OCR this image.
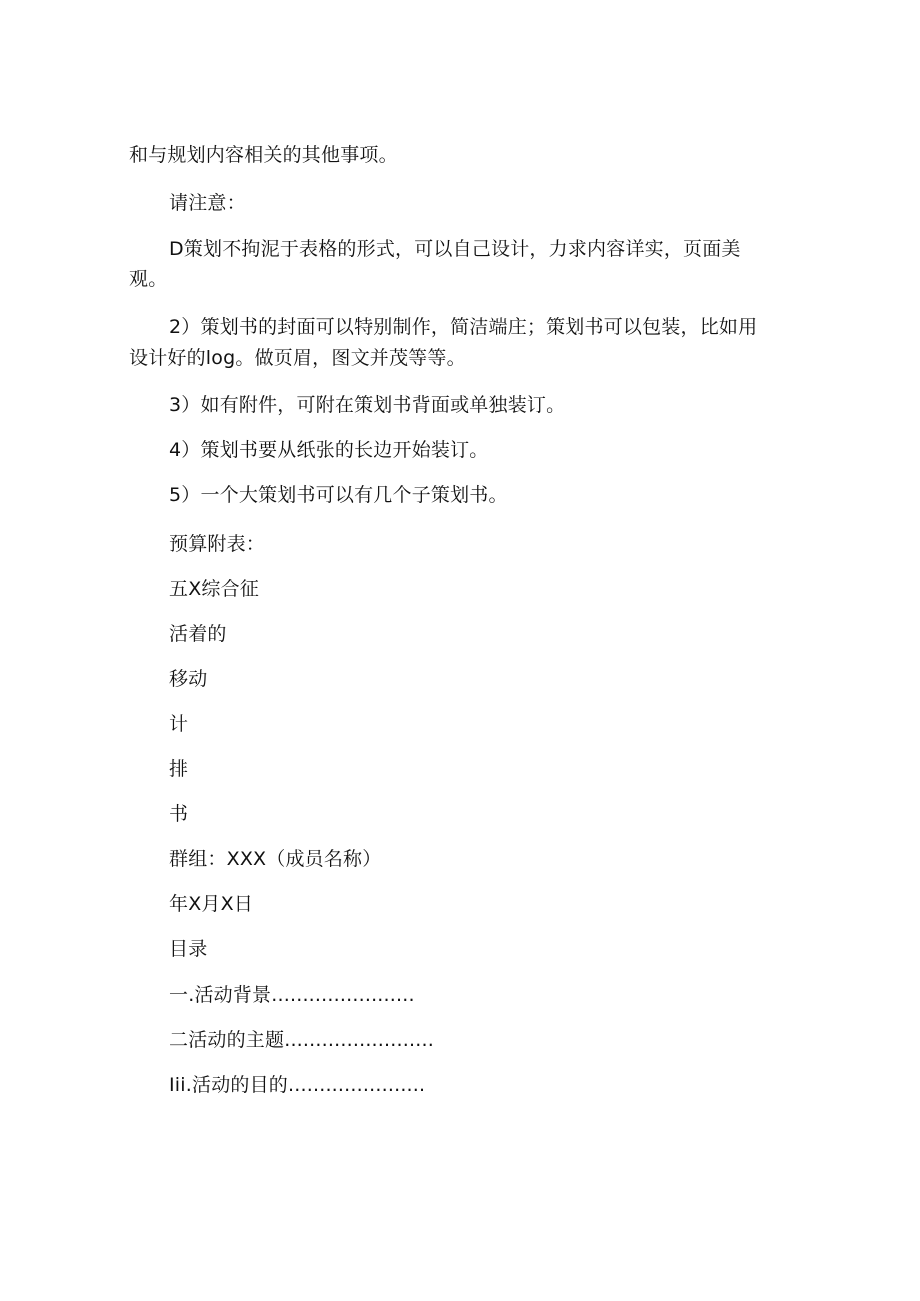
和与规划内容相关的其他事项。
请注意：
D策划不拘泥于表格的形式，可以自己设计，力求内容详实，页面美
观。
2）策划书的封面可以特别制作，简洁端庄；策划书可以包装，比如用
设计好的log。做页眉，图文并茂等等。
3）如有附件，可附在策划书背面或单独装订。
4）策划书要从纸张的长边开始装订。
5）一个大策划书可以有几个子策划书。
预算附表：
五X综合征
活着的
移动
计
排
书
群组：XXX（成员名称）
年X月X日
目录
一.活动背景.......................
二活动的主题........................
Iii.活动的目的......................
